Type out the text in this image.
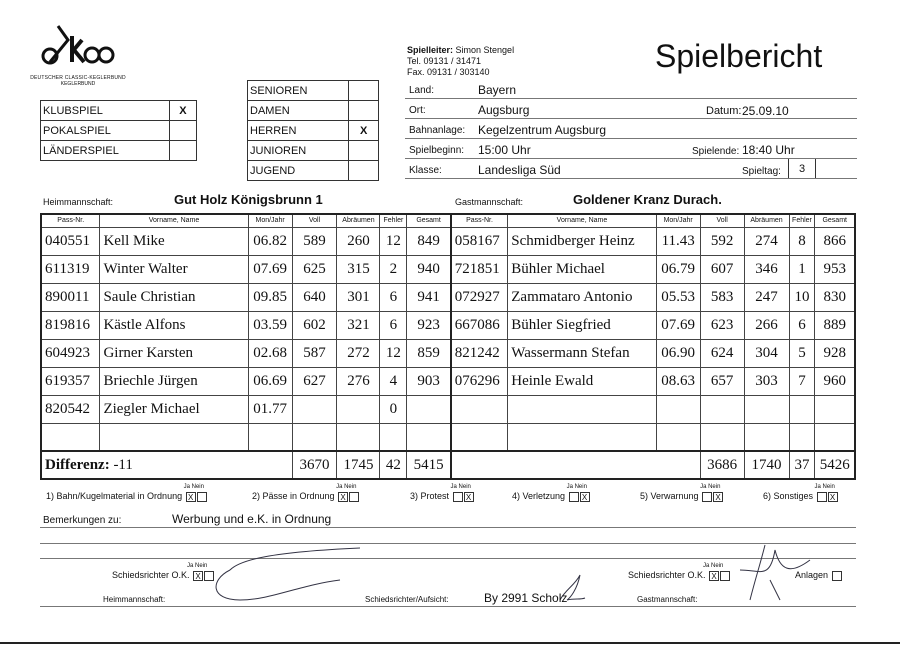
DEUTSCHER CLASSIC-KEGLERBUND
KEGLERBUND
Spielleiter: Simon Stengel
Tel. 09131 / 31471
Fax. 09131 / 303140	Spielbericht
KLUBSPIEL	X
POKALSPIEL	
LÄNDERSPIEL	
SENIOREN	
DAMEN	
HERREN	X
JUNIOREN	
JUGEND	
Land:	Bayern
Ort:	Augsburg	Datum: 25.09.10
Bahnanlage: Kegelzentrum Augsburg
Spielbeginn: 15:00 Uhr	Spielende: 18:40 Uhr
Klasse:	Landesliga Süd	Spieltag:	3
Heimmannschaft:	Gut Holz Königsbrunn 1	Gastmannschaft:	Goldener Kranz Durach.
Pass-Nr.	Vorname, Name	Mon/Jahr	Voll	Abräumen	Fehler	Gesamt	Pass-Nr.	Vorname, Name	Mon/Jahr	Voll	Abräumen	Fehler	Gesamt
040551	Kell Mike	06.82	589	260	12	849	058167	Schmidberger Heinz	11.43	592	274	8	866
611319	Winter Walter	07.69	625	315	2	940	721851	Bühler Michael	06.79	607	346	1	953
890011	Saule Christian	09.85	640	301	6	941	072927	Zammataro Antonio	05.53	583	247	10	830
819816	Kästle Alfons	03.59	602	321	6	923	667086	Bühler Siegfried	07.69	623	266	6	889
604923	Girner Karsten	02.68	587	272	12	859	821242	Wassermann Stefan	06.90	624	304	5	928
619357	Briechle Jürgen	06.69	627	276	4	903	076296	Heinle Ewald	08.63	657	303	7	960
820542	Ziegler Michael	01.77			0								

Differenz: -11			3670	1745	42	5415				3686	1740	37	5426
Ja Nein
1) Bahn/Kugelmaterial in Ordnung X
Ja Nein
2) Pässe in Ordnung X
Ja Nein
3) Protest X
Ja Nein
4) Verletzung X
Ja Nein
5) Verwarnung X
Ja Nein
6) Sonstiges X
Bemerkungen zu:	Werbung und e.K. in Ordnung
Ja Nein
Schiedsrichter O.K. X
Ja Nein
Schiedsrichter O.K. X	Anlagen
Heimmannschaft:	Schiedsrichter/Aufsicht:	By 2991 Scholz	Gastmannschaft:
